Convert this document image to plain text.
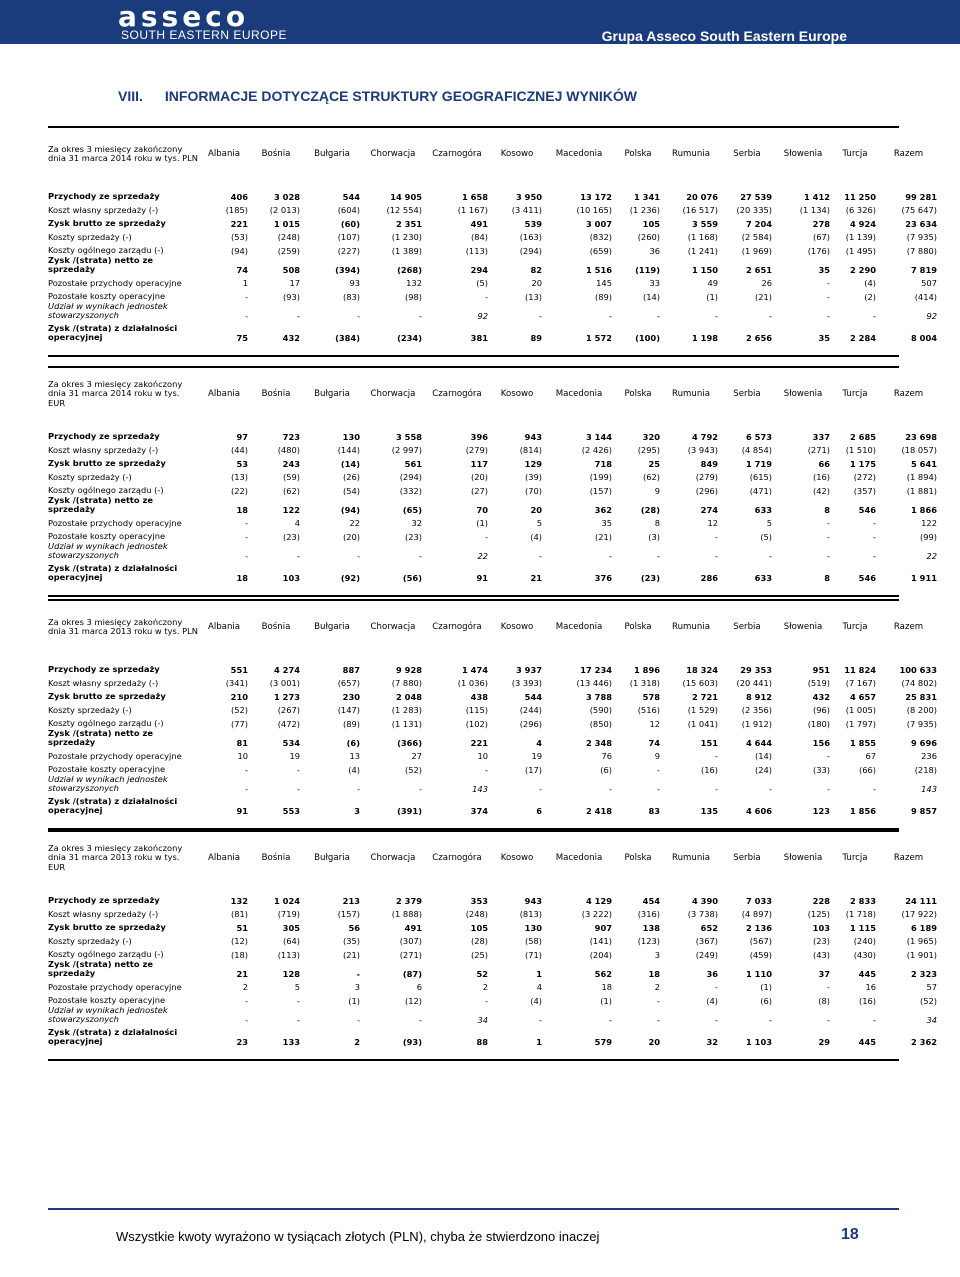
asseco
SOUTH EASTERN EUROPE	Grupa Asseco South Eastern Europe
Raport za I kwartał 2014 roku
VIII. INFORMACJE DOTYCZĄCE STRUKTURY GEOGRAFICZNEJ WYNIKÓW
Za okres 3 miesięcy zakończony dnia 31 marca 2014 roku w tys. PLN	Albania	Bośnia	Bułgaria	Chorwacja	Czarnogóra	Kosowo	Macedonia	Polska	Rumunia	Serbia	Słowenia	Turcja	Razem

Przychody ze sprzedaży	406	3 028	544	14 905	1 658	3 950	13 172	1 341	20 076	27 539	1 412	11 250	99 281
Koszt własny sprzedaży (-)	(185)	(2 013)	(604)	(12 554)	(1 167)	(3 411)	(10 165)	(1 236)	(16 517)	(20 335)	(1 134)	(6 326)	(75 647)
Zysk brutto ze sprzedaży	221	1 015	(60)	2 351	491	539	3 007	105	3 559	7 204	278	4 924	23 634
Koszty sprzedaży (-)	(53)	(248)	(107)	(1 230)	(84)	(163)	(832)	(260)	(1 168)	(2 584)	(67)	(1 139)	(7 935)
Koszty ogólnego zarządu (-)	(94)	(259)	(227)	(1 389)	(113)	(294)	(659)	36	(1 241)	(1 969)	(176)	(1 495)	(7 880)
Zysk /(strata) netto ze sprzedaży	74	508	(394)	(268)	294	82	1 516	(119)	1 150	2 651	35	2 290	7 819
Pozostałe przychody operacyjne	1	17	93	132	(5)	20	145	33	49	26	-	(4)	507
Pozostałe koszty operacyjne	-	(93)	(83)	(98)	-	(13)	(89)	(14)	(1)	(21)	-	(2)	(414)
Udział w wynikach jednostek stowarzyszonych	-	-	-	-	92	-	-	-	-	-	-	-	92
Zysk /(strata) z działalności operacyjnej	75	432	(384)	(234)	381	89	1 572	(100)	1 198	2 656	35	2 284	8 004

Za okres 3 miesięcy zakończony dnia 31 marca 2014 roku w tys. EUR	Albania	Bośnia	Bułgaria	Chorwacja	Czarnogóra	Kosowo	Macedonia	Polska	Rumunia	Serbia	Słowenia	Turcja	Razem

Przychody ze sprzedaży	97	723	130	3 558	396	943	3 144	320	4 792	6 573	337	2 685	23 698
Koszt własny sprzedaży (-)	(44)	(480)	(144)	(2 997)	(279)	(814)	(2 426)	(295)	(3 943)	(4 854)	(271)	(1 510)	(18 057)
Zysk brutto ze sprzedaży	53	243	(14)	561	117	129	718	25	849	1 719	66	1 175	5 641
Koszty sprzedaży (-)	(13)	(59)	(26)	(294)	(20)	(39)	(199)	(62)	(279)	(615)	(16)	(272)	(1 894)
Koszty ogólnego zarządu (-)	(22)	(62)	(54)	(332)	(27)	(70)	(157)	9	(296)	(471)	(42)	(357)	(1 881)
Zysk /(strata) netto ze sprzedaży	18	122	(94)	(65)	70	20	362	(28)	274	633	8	546	1 866
Pozostałe przychody operacyjne	-	4	22	32	(1)	5	35	8	12	5	-	-	122
Pozostałe koszty operacyjne	-	(23)	(20)	(23)	-	(4)	(21)	(3)	-	(5)	-	-	(99)
Udział w wynikach jednostek stowarzyszonych	-	-	-	-	22	-	-	-	-	-	-	-	22
Zysk /(strata) z działalności operacyjnej	18	103	(92)	(56)	91	21	376	(23)	286	633	8	546	1 911

Za okres 3 miesięcy zakończony dnia 31 marca 2013 roku w tys. PLN	Albania	Bośnia	Bułgaria	Chorwacja	Czarnogóra	Kosowo	Macedonia	Polska	Rumunia	Serbia	Słowenia	Turcja	Razem

Przychody ze sprzedaży	551	4 274	887	9 928	1 474	3 937	17 234	1 896	18 324	29 353	951	11 824	100 633
Koszt własny sprzedaży (-)	(341)	(3 001)	(657)	(7 880)	(1 036)	(3 393)	(13 446)	(1 318)	(15 603)	(20 441)	(519)	(7 167)	(74 802)
Zysk brutto ze sprzedaży	210	1 273	230	2 048	438	544	3 788	578	2 721	8 912	432	4 657	25 831
Koszty sprzedaży (-)	(52)	(267)	(147)	(1 283)	(115)	(244)	(590)	(516)	(1 529)	(2 356)	(96)	(1 005)	(8 200)
Koszty ogólnego zarządu (-)	(77)	(472)	(89)	(1 131)	(102)	(296)	(850)	12	(1 041)	(1 912)	(180)	(1 797)	(7 935)
Zysk /(strata) netto ze sprzedaży	81	534	(6)	(366)	221	4	2 348	74	151	4 644	156	1 855	9 696
Pozostałe przychody operacyjne	10	19	13	27	10	19	76	9	-	(14)	-	67	236
Pozostałe koszty operacyjne	-	-	(4)	(52)	-	(17)	(6)	-	(16)	(24)	(33)	(66)	(218)
Udział w wynikach jednostek stowarzyszonych	-	-	-	-	143	-	-	-	-	-	-	-	143
Zysk /(strata) z działalności operacyjnej	91	553	3	(391)	374	6	2 418	83	135	4 606	123	1 856	9 857

Za okres 3 miesięcy zakończony dnia 31 marca 2013 roku w tys. EUR	Albania	Bośnia	Bułgaria	Chorwacja	Czarnogóra	Kosowo	Macedonia	Polska	Rumunia	Serbia	Słowenia	Turcja	Razem

Przychody ze sprzedaży	132	1 024	213	2 379	353	943	4 129	454	4 390	7 033	228	2 833	24 111
Koszt własny sprzedaży (-)	(81)	(719)	(157)	(1 888)	(248)	(813)	(3 222)	(316)	(3 738)	(4 897)	(125)	(1 718)	(17 922)
Zysk brutto ze sprzedaży	51	305	56	491	105	130	907	138	652	2 136	103	1 115	6 189
Koszty sprzedaży (-)	(12)	(64)	(35)	(307)	(28)	(58)	(141)	(123)	(367)	(567)	(23)	(240)	(1 965)
Koszty ogólnego zarządu (-)	(18)	(113)	(21)	(271)	(25)	(71)	(204)	3	(249)	(459)	(43)	(430)	(1 901)
Zysk /(strata) netto ze sprzedaży	21	128	-	(87)	52	1	562	18	36	1 110	37	445	2 323
Pozostałe przychody operacyjne	2	5	3	6	2	4	18	2	-	(1)	-	16	57
Pozostałe koszty operacyjne	-	-	(1)	(12)	-	(4)	(1)	-	(4)	(6)	(8)	(16)	(52)
Udział w wynikach jednostek stowarzyszonych	-	-	-	-	34	-	-	-	-	-	-	-	34
Zysk /(strata) z działalności operacyjnej	23	133	2	(93)	88	1	579	20	32	1 103	29	445	2 362

Wszystkie kwoty wyrażono w tysiącach złotych (PLN), chyba że stwierdzono inaczej	18
